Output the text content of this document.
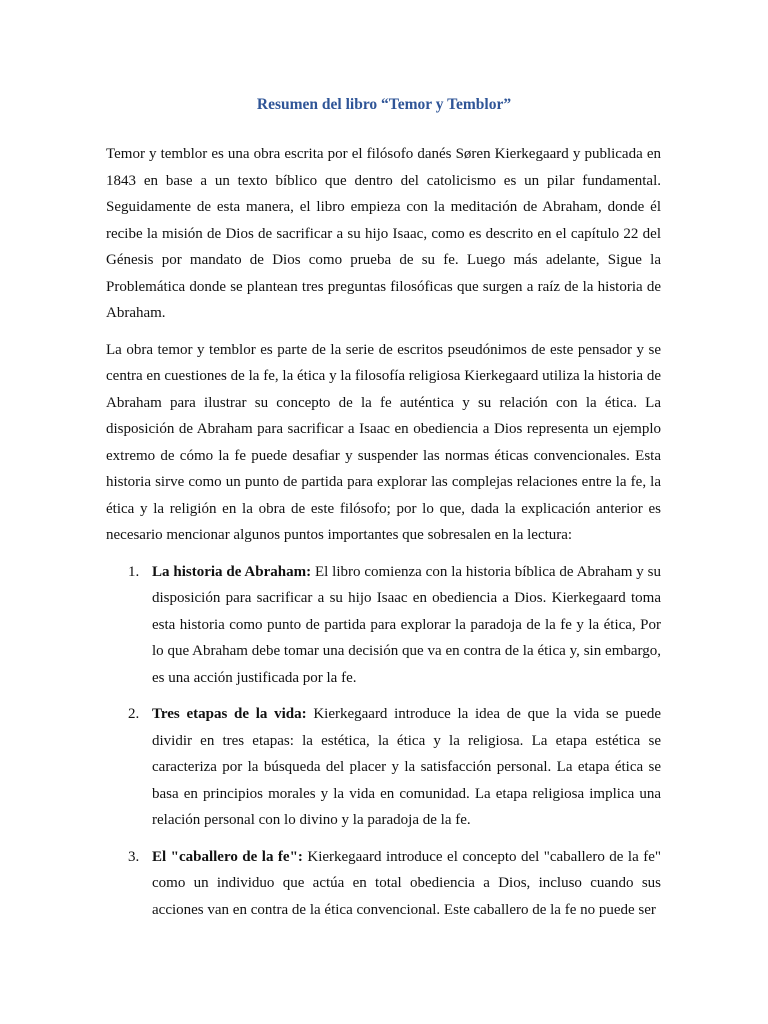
Resumen del libro “Temor y Temblor”

Temor y temblor es una obra escrita por el filósofo danés Søren Kierkegaard y publicada en 1843 en base a un texto bíblico que dentro del catolicismo es un pilar fundamental. Seguidamente de esta manera, el libro empieza con la meditación de Abraham, donde él recibe la misión de Dios de sacrificar a su hijo Isaac, como es descrito en el capítulo 22 del Génesis por mandato de Dios como prueba de su fe. Luego más adelante, Sigue la Problemática donde se plantean tres preguntas filosóficas que surgen a raíz de la historia de Abraham.

La obra temor y temblor es parte de la serie de escritos pseudónimos de este pensador y se centra en cuestiones de la fe, la ética y la filosofía religiosa Kierkegaard utiliza la historia de Abraham para ilustrar su concepto de la fe auténtica y su relación con la ética. La disposición de Abraham para sacrificar a Isaac en obediencia a Dios representa un ejemplo extremo de cómo la fe puede desafiar y suspender las normas éticas convencionales. Esta historia sirve como un punto de partida para explorar las complejas relaciones entre la fe, la ética y la religión en la obra de este filósofo; por lo que, dada la explicación anterior es necesario mencionar algunos puntos importantes que sobresalen en la lectura:

1. La historia de Abraham: El libro comienza con la historia bíblica de Abraham y su disposición para sacrificar a su hijo Isaac en obediencia a Dios. Kierkegaard toma esta historia como punto de partida para explorar la paradoja de la fe y la ética, Por lo que Abraham debe tomar una decisión que va en contra de la ética y, sin embargo, es una acción justificada por la fe.
2. Tres etapas de la vida: Kierkegaard introduce la idea de que la vida se puede dividir en tres etapas: la estética, la ética y la religiosa. La etapa estética se caracteriza por la búsqueda del placer y la satisfacción personal. La etapa ética se basa en principios morales y la vida en comunidad. La etapa religiosa implica una relación personal con lo divino y la paradoja de la fe.
3. El "caballero de la fe": Kierkegaard introduce el concepto del "caballero de la fe" como un individuo que actúa en total obediencia a Dios, incluso cuando sus acciones van en contra de la ética convencional. Este caballero de la fe no puede ser
